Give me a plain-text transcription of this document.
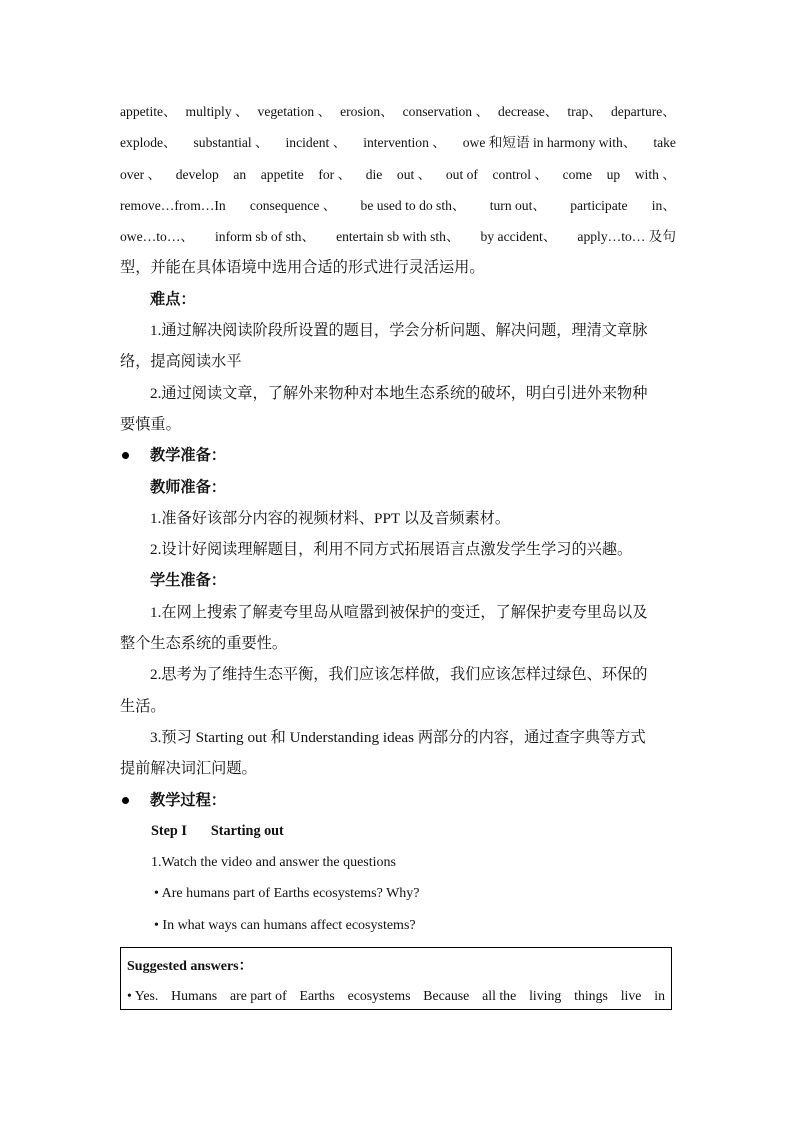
appetite、 multiply 、 vegetation 、 erosion、 conservation 、 decrease、 trap、 departure、
explode、 substantial 、 incident 、 intervention 、 owe 和短语 in harmony with、 take
over 、 develop an appetite for 、 die out 、 out of control 、 come up with 、
remove…from…In consequence 、 be used to do sth、 turn out、 participate in、
owe…to…、 inform sb of sth、 entertain sb with sth、 by accident、 apply…to… 及句
型，并能在具体语境中选用合适的形式进行灵活运用。
难点：
1.通过解决阅读阶段所设置的题目，学会分析问题、解决问题，理清文章脉
络，提高阅读水平
2.通过阅读文章，了解外来物种对本地生态系统的破坏，明白引进外来物种
要慎重。
教学准备：
教师准备：
1.准备好该部分内容的视频材料、PPT 以及音频素材。
2.设计好阅读理解题目，利用不同方式拓展语言点激发学生学习的兴趣。
学生准备：
1.在网上搜索了解麦夸里岛从喧嚣到被保护的变迁，了解保护麦夸里岛以及
整个生态系统的重要性。
2.思考为了维持生态平衡，我们应该怎样做，我们应该怎样过绿色、环保的
生活。
3.预习 Starting out 和 Understanding ideas 两部分的内容，通过查字典等方式
提前解决词汇问题。
教学过程：
Step I Starting out
1.Watch the video and answer the questions
• Are humans part of Earths ecosystems? Why?
• In what ways can humans affect ecosystems?
Suggested answers：
• Yes. Humans are part of Earths ecosystems Because all the living things live in
